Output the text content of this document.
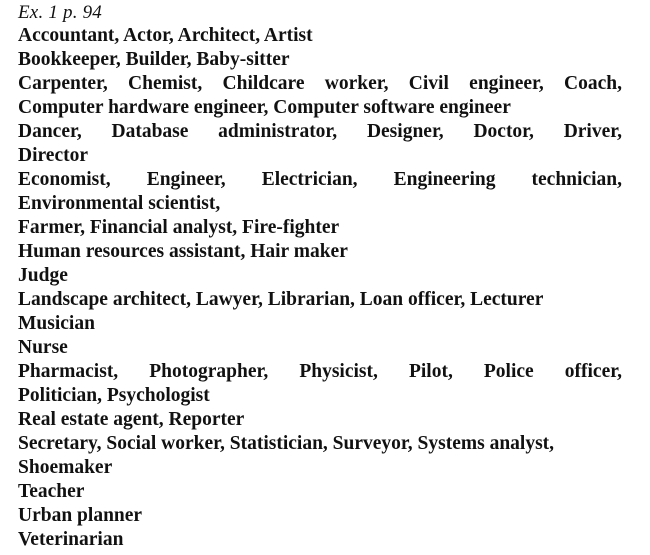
Ex. 1 p. 94
Accountant, Actor, Architect, Artist
Bookkeeper, Builder, Baby-sitter
Carpenter, Chemist, Childcare worker, Civil engineer, Coach,
Computer hardware engineer, Computer software engineer
Dancer, Database administrator, Designer, Doctor, Driver,
Director
Economist, Engineer, Electrician, Engineering technician,
Environmental scientist,
Farmer, Financial analyst, Fire-fighter
Human resources assistant, Hair maker
Judge
Landscape architect, Lawyer, Librarian, Loan officer, Lecturer
Musician
Nurse
Pharmacist, Photographer, Physicist, Pilot, Police officer,
Politician, Psychologist
Real estate agent, Reporter
Secretary, Social worker, Statistician, Surveyor, Systems analyst,
Shoemaker
Teacher
Urban planner
Veterinarian
